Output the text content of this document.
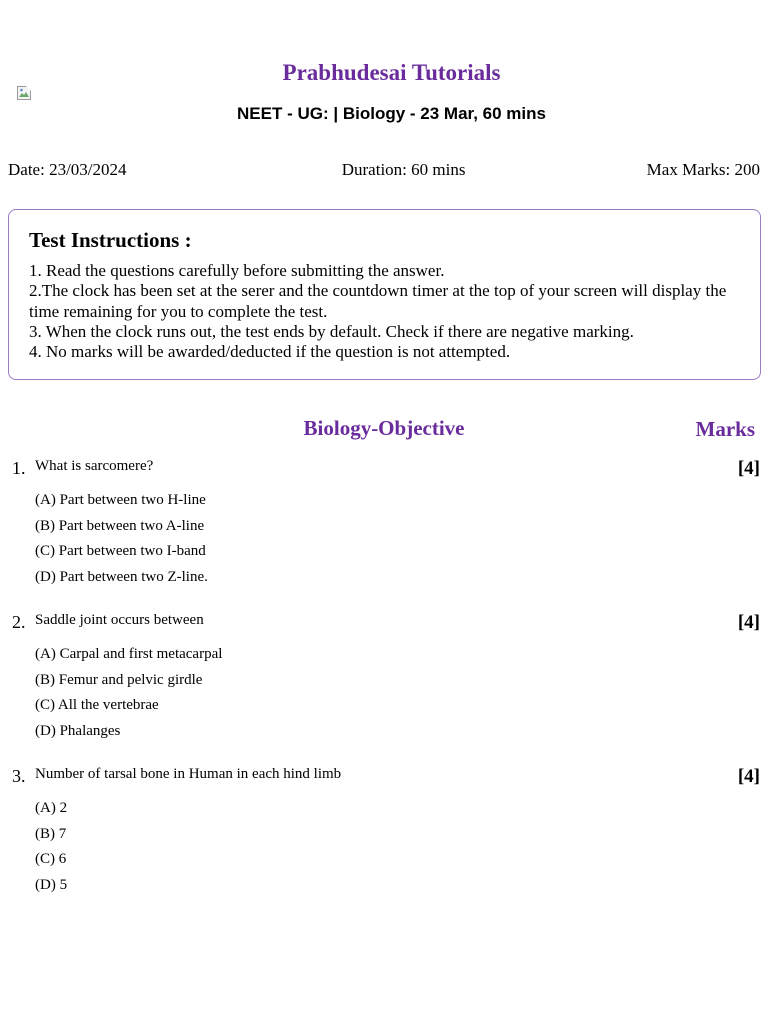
Prabhudesai Tutorials
NEET - UG: | Biology - 23 Mar, 60 mins
Date: 23/03/2024	Duration: 60 mins	Max Marks: 200
Test Instructions :

1. Read the questions carefully before submitting the answer.

2.The clock has been set at the serer and the countdown timer at the top of your screen will display the time remaining for you to complete the test.

3. When the clock runs out, the test ends by default. Check if there are negative marking.

4. No marks will be awarded/deducted if the question is not attempted.

Biology-Objective	Marks
1. What is sarcomere?	[4]
(A) Part between two H-line
(B) Part between two A-line
(C) Part between two I-band
(D) Part between two Z-line.
2. Saddle joint occurs between	[4]
(A) Carpal and first metacarpal
(B) Femur and pelvic girdle
(C) All the vertebrae
(D) Phalanges
3. Number of tarsal bone in Human in each hind limb	[4]
(A) 2
(B) 7
(C) 6
(D) 5
